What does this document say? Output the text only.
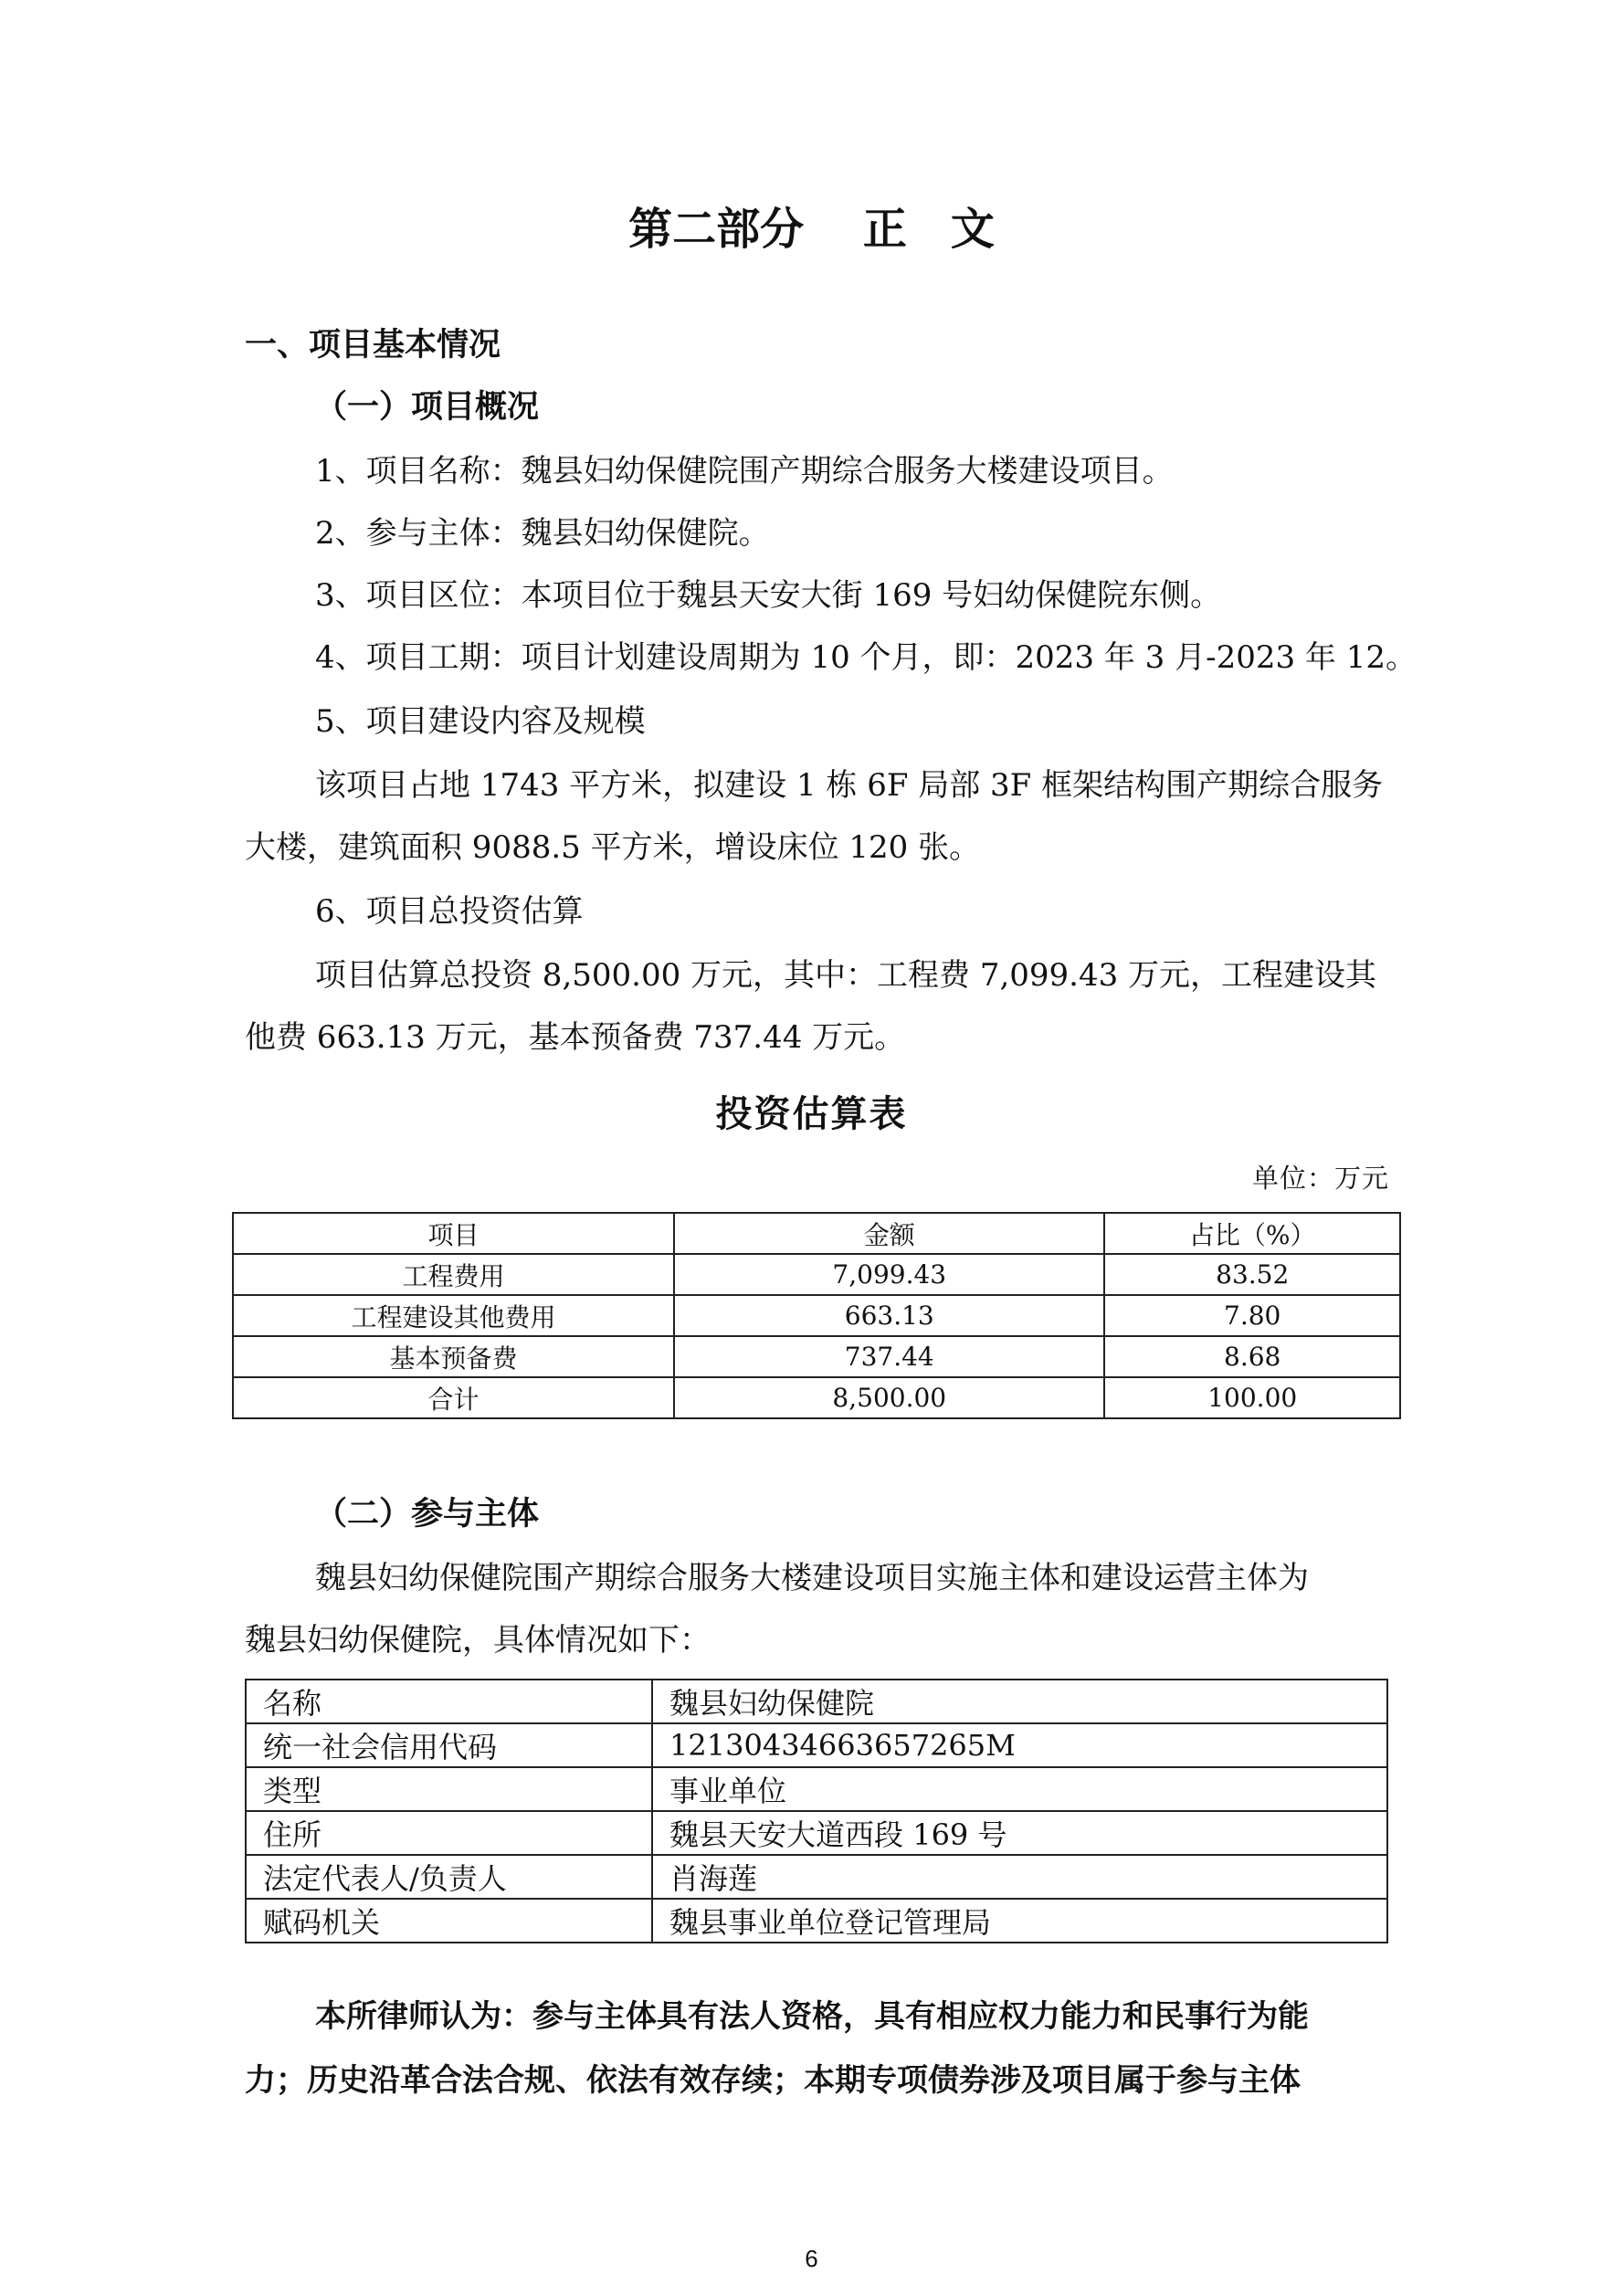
第二部分　 正　文
一、项目基本情况
（一）项目概况
1、项目名称：魏县妇幼保健院围产期综合服务大楼建设项目。
2、参与主体：魏县妇幼保健院。
3、项目区位：本项目位于魏县天安大街 169 号妇幼保健院东侧。
4、项目工期：项目计划建设周期为 10 个月，即：2023 年 3 月-2023 年 12。
5、项目建设内容及规模
该项目占地 1743 平方米，拟建设 1 栋 6F 局部 3F 框架结构围产期综合服务
大楼，建筑面积 9088.5 平方米，增设床位 120 张。
6、项目总投资估算
项目估算总投资 8,500.00 万元，其中：工程费 7,099.43 万元，工程建设其
他费 663.13 万元，基本预备费 737.44 万元。
投资估算表
单位：万元
项目	金额	占比（%）
工程费用	7,099.43	83.52
工程建设其他费用	663.13	7.80
基本预备费	737.44	8.68
合计	8,500.00	100.00
（二）参与主体
魏县妇幼保健院围产期综合服务大楼建设项目实施主体和建设运营主体为
魏县妇幼保健院，具体情况如下：
名称	魏县妇幼保健院
统一社会信用代码	12130434663657265M
类型	事业单位
住所	魏县天安大道西段 169 号
法定代表人/负责人	肖海莲
赋码机关	魏县事业单位登记管理局
本所律师认为：参与主体具有法人资格，具有相应权力能力和民事行为能
力；历史沿革合法合规、依法有效存续；本期专项债券涉及项目属于参与主体
6
